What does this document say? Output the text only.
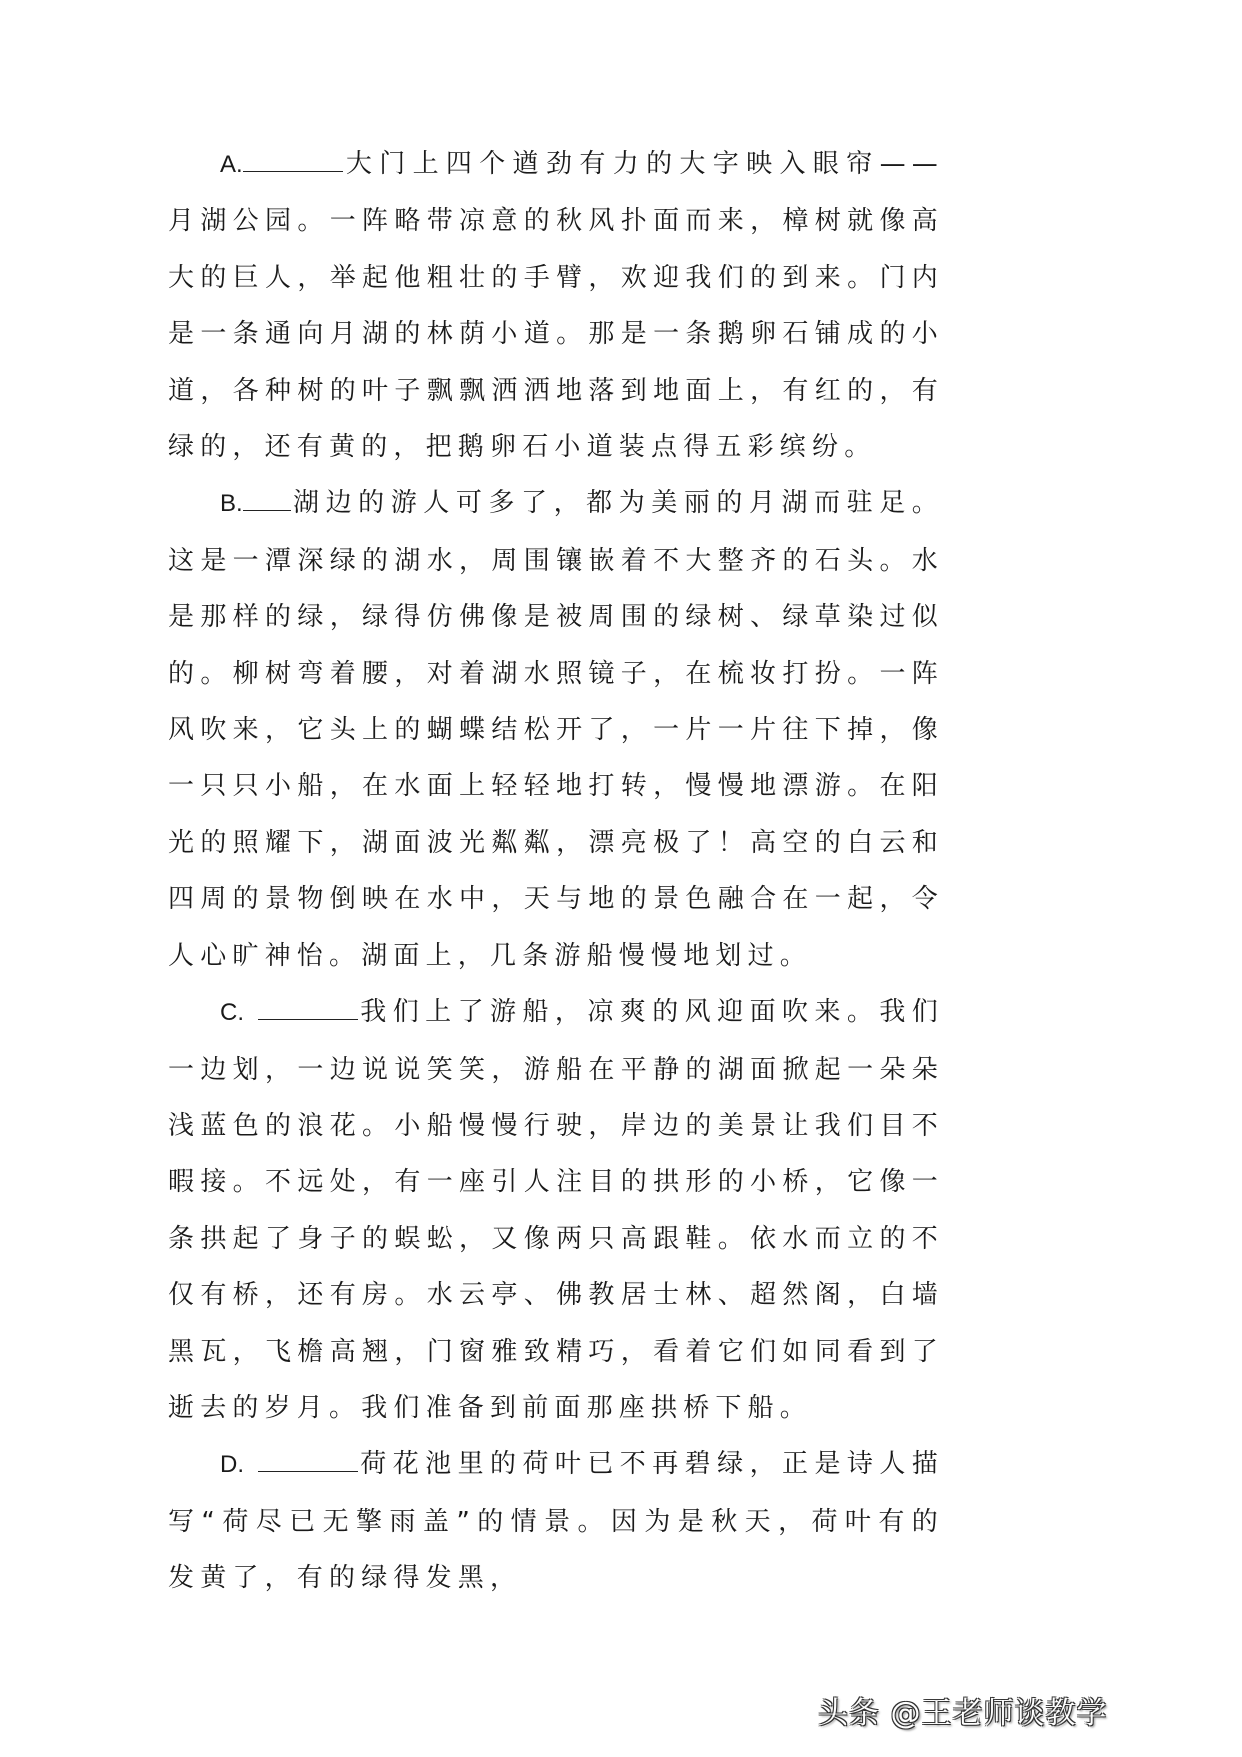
A.	大门上四个遒劲有力的大字映入眼帘——月湖公园。一阵略带凉意的秋风扑面而来，樟树就像高大的巨人，举起他粗壮的手臂，欢迎我们的到来。门内是一条通向月湖的林荫小道。那是一条鹅卵石铺成的小道，各种树的叶子飘飘洒洒地落到地面上，有红的，有绿的，还有黄的，把鹅卵石小道装点得五彩缤纷。

B. 湖边的游人可多了，都为美丽的月湖而驻足。这是一潭深绿的湖水，周围镶嵌着不大整齐的石头。水是那样的绿，绿得仿佛像是被周围的绿树、绿草染过似的。柳树弯着腰，对着湖水照镜子，在梳妆打扮。一阵风吹来，它头上的蝴蝶结松开了，一片一片往下掉，像一只只小船，在水面上轻轻地打转，慢慢地漂游。在阳光的照耀下，湖面波光粼粼，漂亮极了！高空的白云和四周的景物倒映在水中，天与地的景色融合在一起，令人心旷神怡。湖面上，几条游船慢慢地划过。

C.	我们上了游船，凉爽的风迎面吹来。我们一边划，一边说说笑笑，游船在平静的湖面掀起一朵朵浅蓝色的浪花。小船慢慢行驶，岸边的美景让我们目不暇接。不远处，有一座引人注目的拱形的小桥，它像一条拱起了身子的蜈蚣，又像两只高跟鞋。依水而立的不仅有桥，还有房。水云亭、佛教居士林、超然阁，白墙黑瓦，飞檐高翘，门窗雅致精巧，看着它们如同看到了逝去的岁月。我们准备到前面那座拱桥下船。

D.	荷花池里的荷叶已不再碧绿，正是诗人描写“荷尽已无擎雨盖”的情景。因为是秋天，荷叶有的发黄了，有的绿得发黑，

头条 @王老师谈教学
